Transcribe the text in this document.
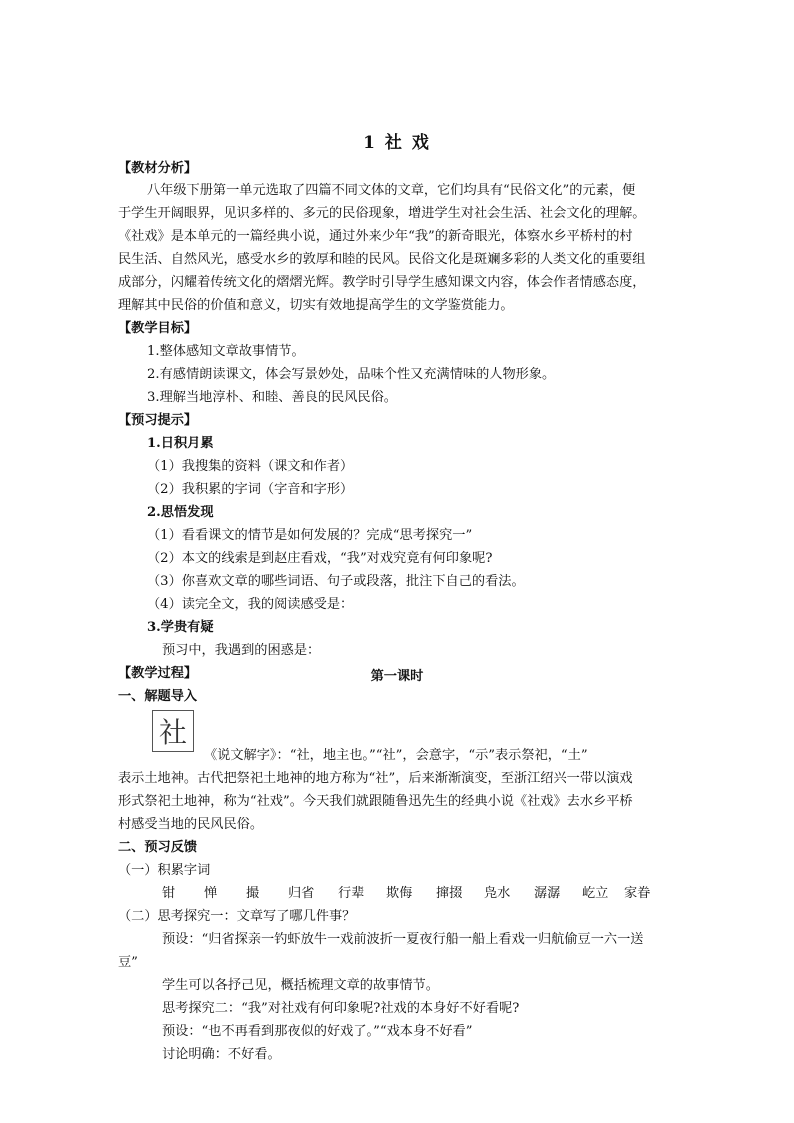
1 社 戏
【教材分析】
八年级下册第一单元选取了四篇不同文体的文章，它们均具有“民俗文化”的元素，便
于学生开阔眼界，见识多样的、多元的民俗现象，增进学生对社会生活、社会文化的理解。
《社戏》是本单元的一篇经典小说，通过外来少年“我”的新奇眼光，体察水乡平桥村的村
民生活、自然风光，感受水乡的敦厚和睦的民风。民俗文化是斑斓多彩的人类文化的重要组
成部分，闪耀着传统文化的熠熠光辉。教学时引导学生感知课文内容，体会作者情感态度，
理解其中民俗的价值和意义，切实有效地提高学生的文学鉴赏能力。
【教学目标】
1.整体感知文章故事情节。
2.有感情朗读课文，体会写景妙处，品味个性又充满情味的人物形象。
3.理解当地淳朴、和睦、善良的民风民俗。
【预习提示】
1.日积月累
（1）我搜集的资料（课文和作者）
（2）我积累的字词（字音和字形）
2.思悟发现
（1）看看课文的情节是如何发展的？完成“思考探究一”
（2）本文的线索是到赵庄看戏，“我”对戏究竟有何印象呢?
（3）你喜欢文章的哪些词语、句子或段落，批注下自己的看法。
（4）读完全文，我的阅读感受是：
3.学贵有疑
预习中，我遇到的困惑是：
【教学过程】	第一课时
一、解题导入
社
《说文解字》：“社，地主也。”“社”，会意字，“示”表示祭祀，“土”
表示土地神。古代把祭祀土地神的地方称为“社”，后来渐渐演变，至浙江绍兴一带以演戏
形式祭祀土地神，称为“社戏”。今天我们就跟随鲁迅先生的经典小说《社戏》去水乡平桥
村感受当地的民风民俗。
二、预习反馈
（一）积累字词
钳 惮 撮 归省 行辈 欺侮 撺掇 凫水 潺潺 屹立 家眷
（二）思考探究一：文章写了哪几件事？
预设：“归省探亲一钓虾放牛一戏前波折一夏夜行船一船上看戏一归航偷豆一六一送
豆”
学生可以各抒己见，概括梳理文章的故事情节。
思考探究二：“我”对社戏有何印象呢?社戏的本身好不好看呢?
预设：“也不再看到那夜似的好戏了。”“戏本身不好看”
讨论明确：不好看。
